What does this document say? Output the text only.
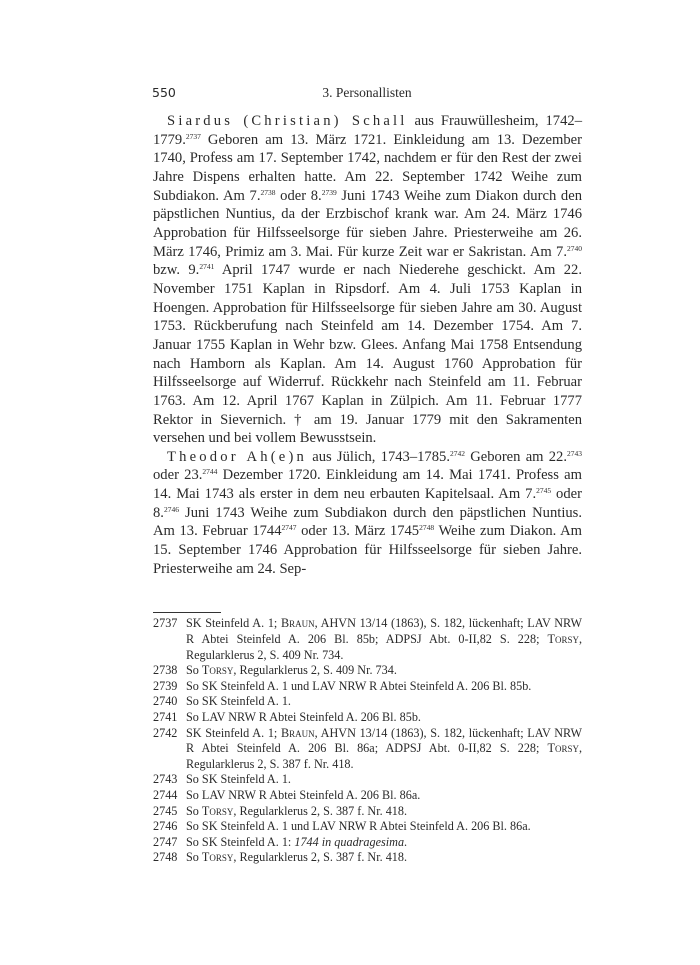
550	3. Personallisten

Siardus (Christian) Schall aus Frauwüllesheim, 1742–1779.$^{2737}$ Geboren am 13. März 1721. Einkleidung am 13. Dezember 1740, Profess am 17. September 1742, nachdem er für den Rest der zwei Jahre Dispens erhalten hatte. Am 22. September 1742 Weihe zum Subdiakon. Am 7.$^{2738}$ oder 8.$^{2739}$ Juni 1743 Weihe zum Diakon durch den päpstlichen Nuntius, da der Erzbischof krank war. Am 24. März 1746 Approbation für Hilfsseelsorge für sieben Jahre. Priesterweihe am 26. März 1746, Primiz am 3. Mai. Für kurze Zeit war er Sakristan. Am 7.$^{2740}$ bzw. 9.$^{2741}$ April 1747 wurde er nach Niederehe geschickt. Am 22. November 1751 Kaplan in Ripsdorf. Am 4. Juli 1753 Kaplan in Hoengen. Approbation für Hilfsseelsorge für sieben Jahre am 30. August 1753. Rückberufung nach Steinfeld am 14. Dezember 1754. Am 7. Januar 1755 Kaplan in Wehr bzw. Glees. Anfang Mai 1758 Entsendung nach Hamborn als Kaplan. Am 14. August 1760 Approbation für Hilfsseelsorge auf Widerruf. Rückkehr nach Steinfeld am 11. Februar 1763. Am 12. April 1767 Kaplan in Zülpich. Am 11. Februar 1777 Rektor in Sievernich. † am 19. Januar 1779 mit den Sakramenten versehen und bei vollem Bewusstsein.

Theodor Ah(e)n aus Jülich, 1743–1785.$^{2742}$ Geboren am 22.$^{2743}$ oder 23.$^{2744}$ Dezember 1720. Einkleidung am 14. Mai 1741. Profess am 14. Mai 1743 als erster in dem neu erbauten Kapitelsaal. Am 7.$^{2745}$ oder 8.$^{2746}$ Juni 1743 Weihe zum Subdiakon durch den päpstlichen Nuntius. Am 13. Februar $1744^{2747}$ oder 13. März $1745^{2748}$ Weihe zum Diakon. Am 15. September 1746 Approbation für Hilfsseelsorge für sieben Jahre. Priesterweihe am 24. Sep-

2737 SK Steinfeld A. 1; Braun, AHVN 13/14 (1863), S. 182, lückenhaft; LAV NRW R Abtei Steinfeld A. 206 Bl. 85b; ADPSJ Abt. 0-II,82 S. 228; Torsy, Regularklerus 2, S. 409 Nr. 734.
2738 So Torsy, Regularklerus 2, S. 409 Nr. 734.
2739 So SK Steinfeld A. 1 und LAV NRW R Abtei Steinfeld A. 206 Bl. 85b.
2740 So SK Steinfeld A. 1.
2741 So LAV NRW R Abtei Steinfeld A. 206 Bl. 85b.
2742 SK Steinfeld A. 1; Braun, AHVN 13/14 (1863), S. 182, lückenhaft; LAV NRW R Abtei Steinfeld A. 206 Bl. 86a; ADPSJ Abt. 0-II,82 S. 228; Torsy, Regularklerus 2, S. 387 f. Nr. 418.
2743 So SK Steinfeld A. 1.
2744 So LAV NRW R Abtei Steinfeld A. 206 Bl. 86a.
2745 So Torsy, Regularklerus 2, S. 387 f. Nr. 418.
2746 So SK Steinfeld A. 1 und LAV NRW R Abtei Steinfeld A. 206 Bl. 86a.
2747 So SK Steinfeld A. 1: 1744 in quadragesima.
2748 So Torsy, Regularklerus 2, S. 387 f. Nr. 418.
